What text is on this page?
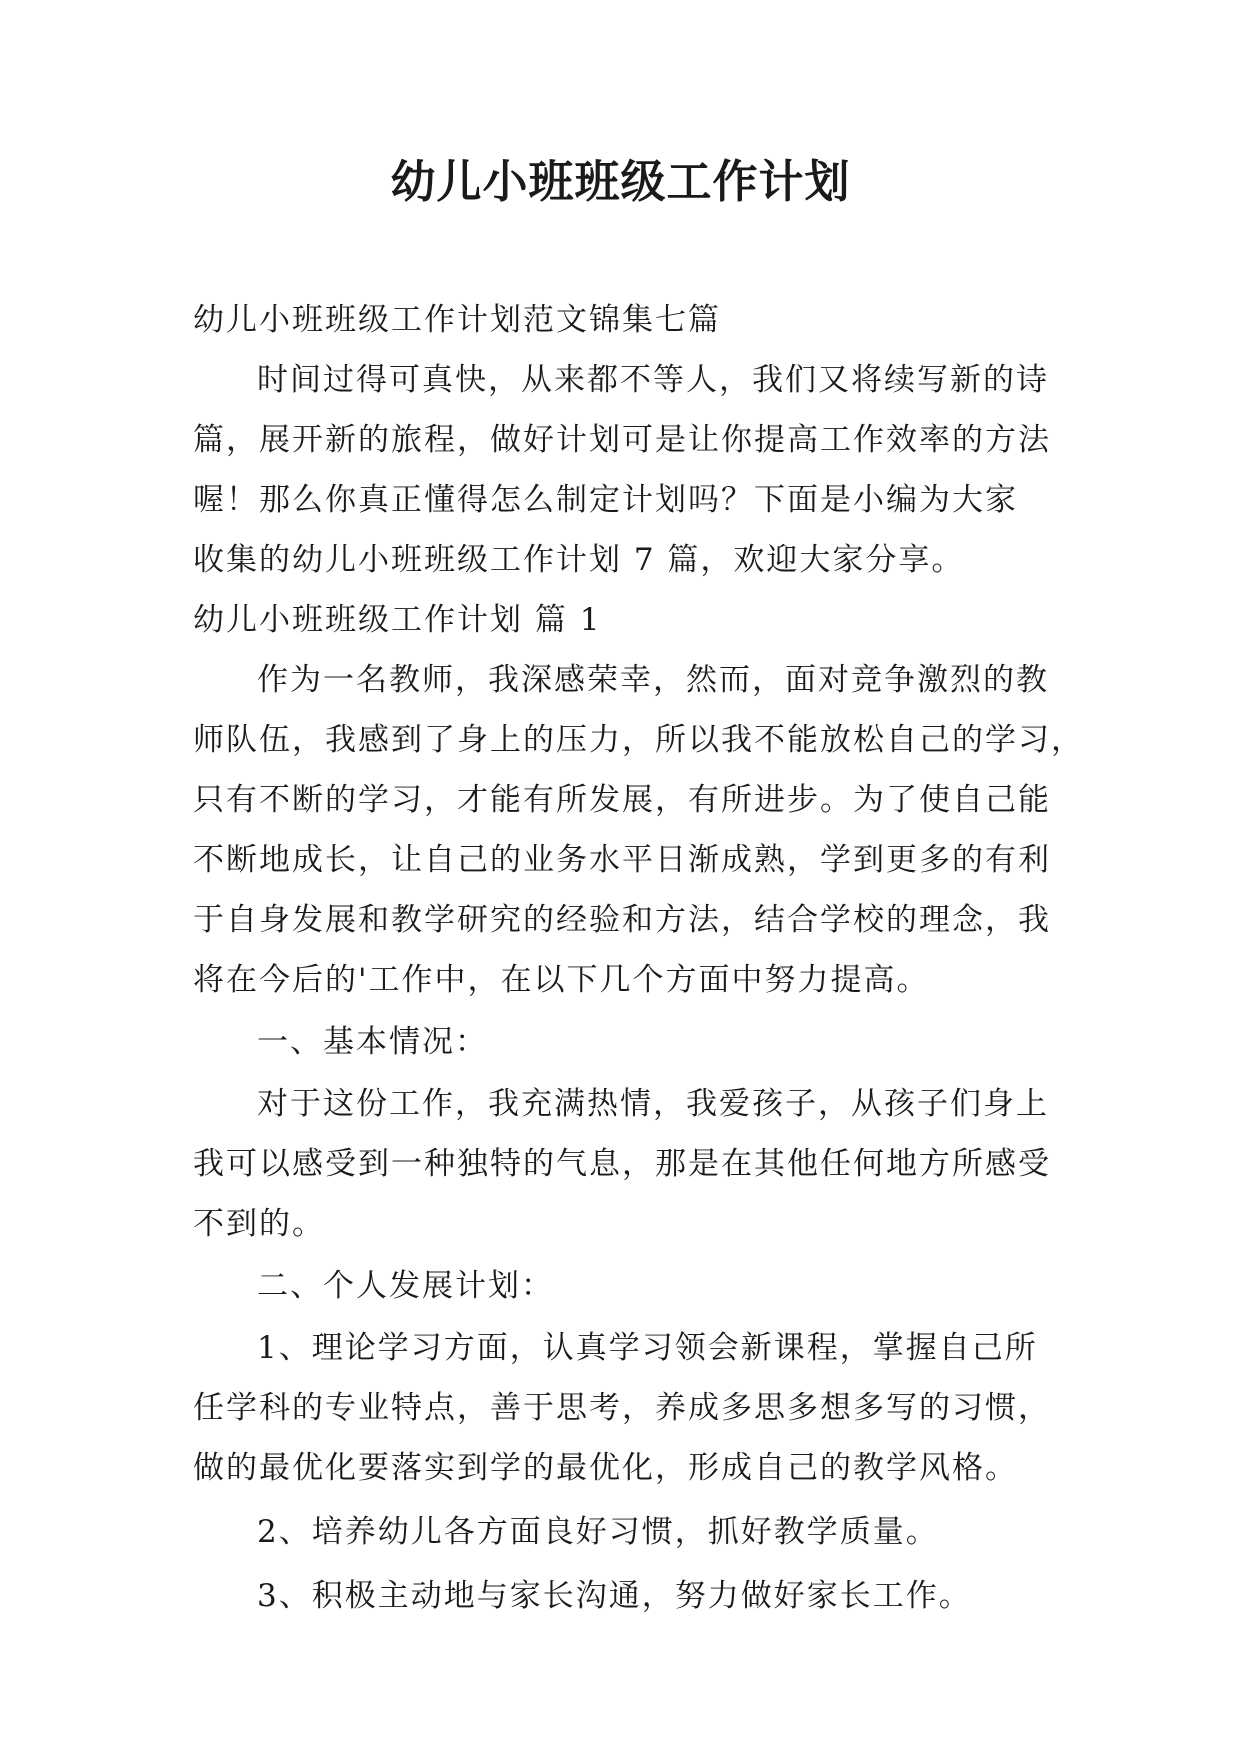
幼儿小班班级工作计划
幼儿小班班级工作计划范文锦集七篇
时间过得可真快，从来都不等人，我们又将续写新的诗
篇，展开新的旅程，做好计划可是让你提高工作效率的方法
喔！那么你真正懂得怎么制定计划吗？下面是小编为大家
收集的幼儿小班班级工作计划 7 篇，欢迎大家分享。
幼儿小班班级工作计划 篇 1
作为一名教师，我深感荣幸，然而，面对竞争激烈的教
师队伍，我感到了身上的压力，所以我不能放松自己的学习，
只有不断的学习，才能有所发展，有所进步。为了使自己能
不断地成长，让自己的业务水平日渐成熟，学到更多的有利
于自身发展和教学研究的经验和方法，结合学校的理念，我
将在今后的'工作中，在以下几个方面中努力提高。
一、基本情况：
对于这份工作，我充满热情，我爱孩子，从孩子们身上
我可以感受到一种独特的气息，那是在其他任何地方所感受
不到的。
二、个人发展计划：
1、理论学习方面，认真学习领会新课程，掌握自己所
任学科的专业特点，善于思考，养成多思多想多写的习惯，
做的最优化要落实到学的最优化，形成自己的教学风格。
2、培养幼儿各方面良好习惯，抓好教学质量。
3、积极主动地与家长沟通，努力做好家长工作。
